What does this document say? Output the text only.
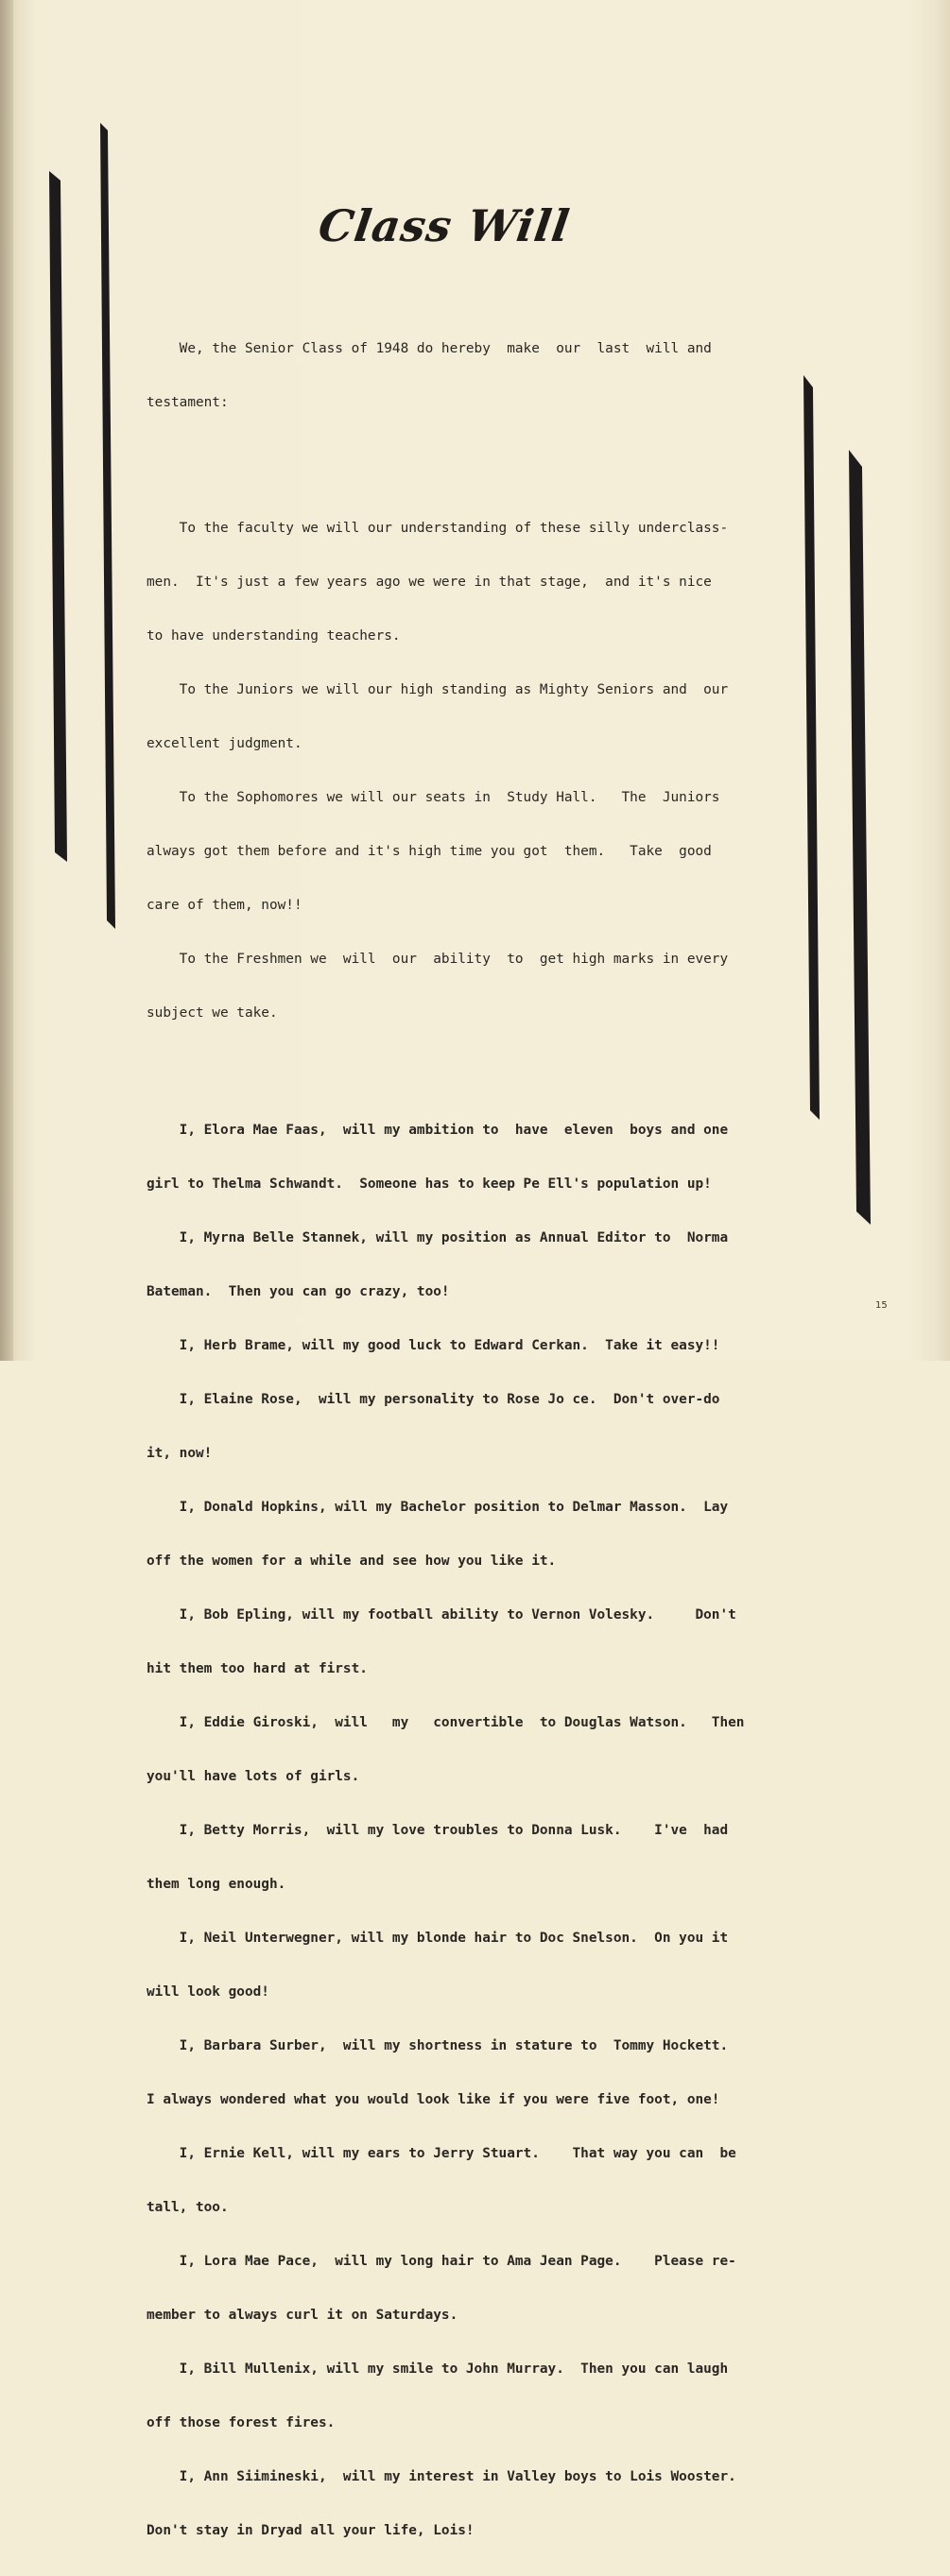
Class Will

We, the Senior Class of 1948 do hereby  make  our  last  will and

testament:

To the faculty we will our understanding of these silly underclass-

men.  It's just a few years ago we were in that stage,  and it's nice

to have understanding teachers.

To the Juniors we will our high standing as Mighty Seniors and  our

excellent judgment.

To the Sophomores we will our seats in  Study Hall.   The  Juniors

always got them before and it's high time you got  them.   Take  good

care of them, now!!

To the Freshmen we  will  our  ability  to  get high marks in every

subject we take.

I, Elora Mae Faas,  will my ambition to  have  eleven  boys and one

girl to Thelma Schwandt.  Someone has to keep Pe Ell's population up!

I, Myrna Belle Stannek, will my position as Annual Editor to  Norma

Bateman.  Then you can go crazy, too!

I, Herb Brame, will my good luck to Edward Cerkan.  Take it easy!!

I, Elaine Rose,  will my personality to Rose Jo ce.  Don't over-do

it, now!

I, Donald Hopkins, will my Bachelor position to Delmar Masson.  Lay

off the women for a while and see how you like it.

I, Bob Epling, will my football ability to Vernon Volesky.     Don't

hit them too hard at first.

I, Eddie Giroski,  will   my   convertible  to Douglas Watson.   Then

you'll have lots of girls.

I, Betty Morris,  will my love troubles to Donna Lusk.    I've  had

them long enough.

I, Neil Unterwegner, will my blonde hair to Doc Snelson.  On you it

will look good!

I, Barbara Surber,  will my shortness in stature to  Tommy Hockett.

I always wondered what you would look like if you were five foot, one!

I, Ernie Kell, will my ears to Jerry Stuart.    That way you can  be

tall, too.

I, Lora Mae Pace,  will my long hair to Ama Jean Page.    Please re-

member to always curl it on Saturdays.

I, Bill Mullenix, will my smile to John Murray.  Then you can laugh

off those forest fires.

I, Ann Siimineski,  will my interest in Valley boys to Lois Wooster.

Don't stay in Dryad all your life, Lois!

15
